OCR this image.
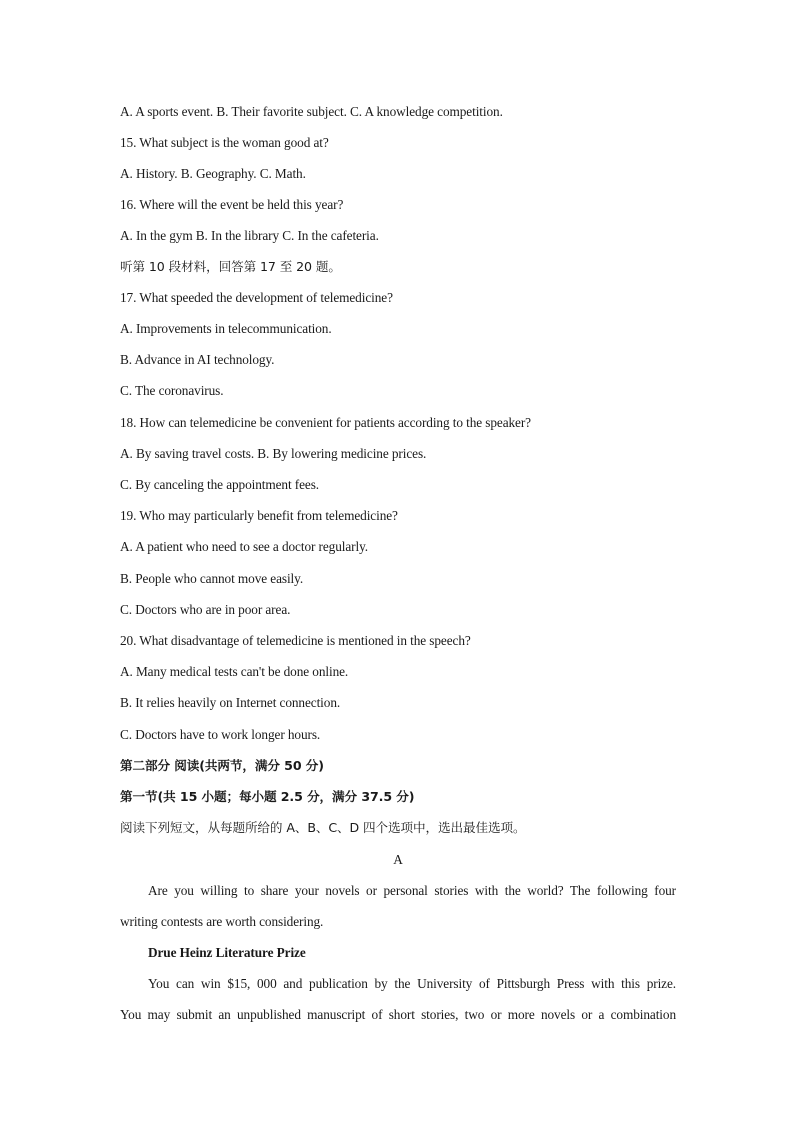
A. A sports event. B. Their favorite subject. C. A knowledge competition.
15. What subject is the woman good at?
A. History. B. Geography. C. Math.
16. Where will the event be held this year?
A. In the gym B. In the library C. In the cafeteria.
听第 10 段材料，回答第 17 至 20 题。
17. What speeded the development of telemedicine?
A. Improvements in telecommunication.
B. Advance in AI technology.
C. The coronavirus.
18. How can telemedicine be convenient for patients according to the speaker?
A. By saving travel costs. B. By lowering medicine prices.
C. By canceling the appointment fees.
19. Who may particularly benefit from telemedicine?
A. A patient who need to see a doctor regularly.
B. People who cannot move easily.
C. Doctors who are in poor area.
20. What disadvantage of telemedicine is mentioned in the speech?
A. Many medical tests can't be done online.
B. It relies heavily on Internet connection.
C. Doctors have to work longer hours.
第二部分 阅读(共两节，满分 50 分)
第一节(共 15 小题；每小题 2.5 分，满分 37.5 分)
阅读下列短文，从每题所给的 A、B、C、D 四个选项中，选出最佳选项。
A
Are you willing to share your novels or personal stories with the world? The following four
writing contests are worth considering.
Drue Heinz Literature Prize
You can win $15, 000 and publication by the University of Pittsburgh Press with this prize.
You may submit an unpublished manuscript of short stories, two or more novels or a combination
